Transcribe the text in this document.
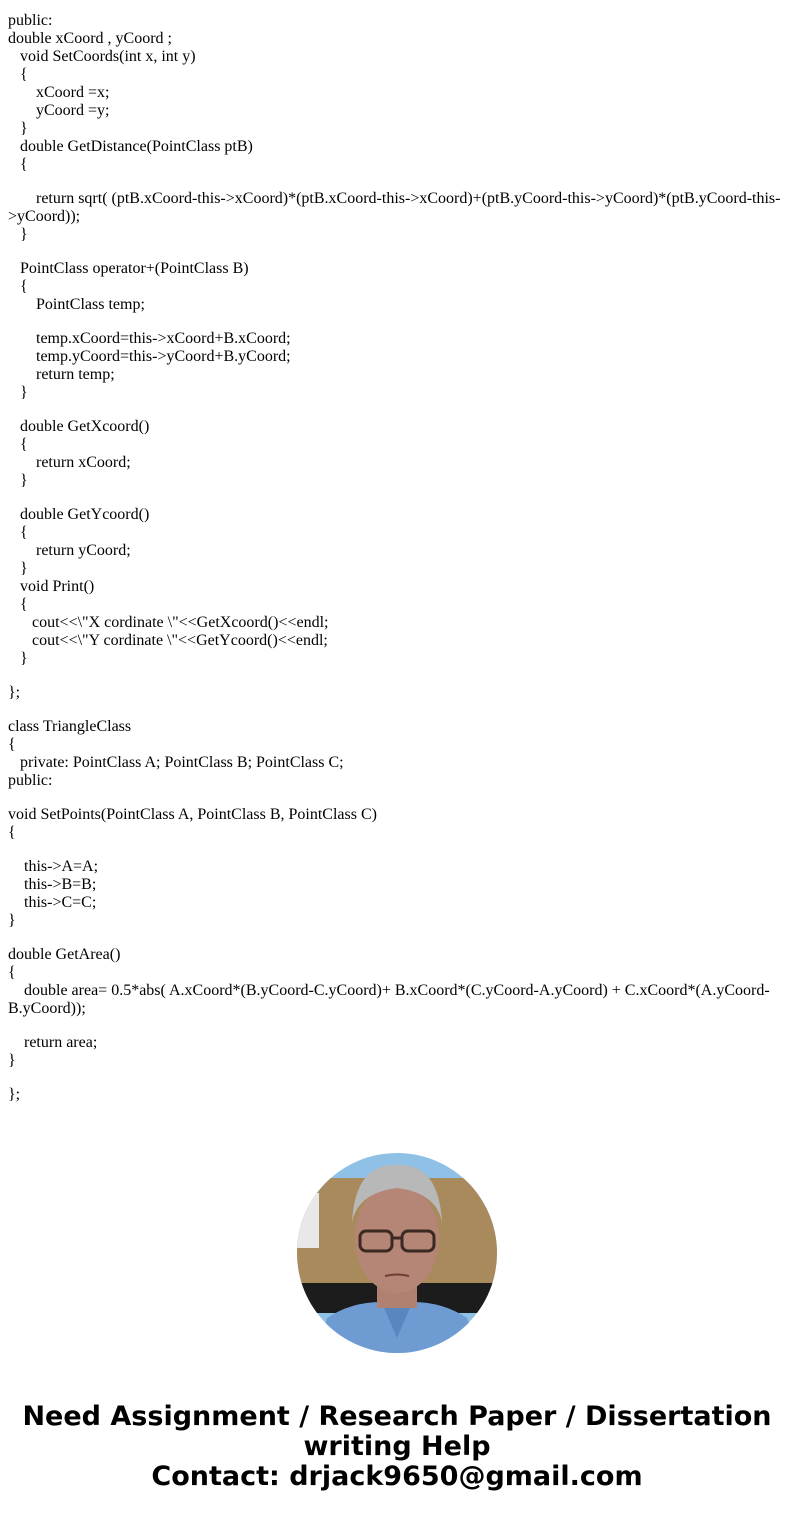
public:
double xCoord , yCoord ;
void SetCoords(int x, int y)
{
xCoord =x;
yCoord =y;
}
double GetDistance(PointClass ptB)
{
return sqrt( (ptB.xCoord-this->xCoord)*(ptB.xCoord-this->xCoord)+(ptB.yCoord-this->yCoord)*(ptB.yCoord-this-
>yCoord));
}
PointClass operator+(PointClass B)
{
PointClass temp;
temp.xCoord=this->xCoord+B.xCoord;
temp.yCoord=this->yCoord+B.yCoord;
return temp;
}
double GetXcoord()
{
return xCoord;
}
double GetYcoord()
{
return yCoord;
}
void Print()
{
cout<<\"X cordinate \"<<GetXcoord()<<endl;
cout<<\"Y cordinate \"<<GetYcoord()<<endl;
}
};
class TriangleClass
{
private: PointClass A; PointClass B; PointClass C;
public:
void SetPoints(PointClass A, PointClass B, PointClass C)
{
this->A=A;
this->B=B;
this->C=C;
}
double GetArea()
{
double area= 0.5*abs( A.xCoord*(B.yCoord-C.yCoord)+ B.xCoord*(C.yCoord-A.yCoord) + C.xCoord*(A.yCoord-
B.yCoord));
return area;
}
};
Need Assignment / Research Paper / Dissertation
writing Help
Contact: drjack9650@gmail.com
